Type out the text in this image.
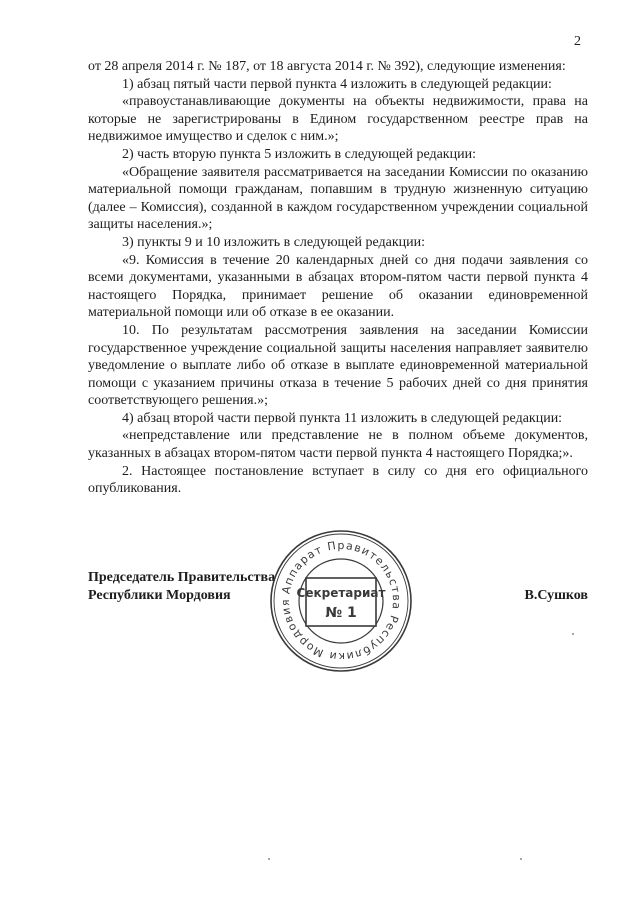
2

от 28 апреля 2014 г. № 187, от 18 августа 2014 г. № 392), следующие изменения:

1) абзац пятый части первой пункта 4 изложить в следующей редакции:

«правоустанавливающие документы на объекты недвижимости, права на которые не зарегистрированы в Едином государственном реестре прав на недвижимое имущество и сделок с ним.»;

2) часть вторую пункта 5 изложить в следующей редакции:

«Обращение заявителя рассматривается на заседании Комиссии по оказанию материальной помощи гражданам, попавшим в трудную жизненную ситуацию (далее – Комиссия), созданной в каждом государственном учреждении социальной защиты населения.»;

3) пункты 9 и 10 изложить в следующей редакции:

«9. Комиссия в течение 20 календарных дней со дня подачи заявления со всеми документами, указанными в абзацах втором-пятом части первой пункта 4 настоящего Порядка, принимает решение об оказании единовременной материальной помощи или об отказе в ее оказании.

10. По результатам рассмотрения заявления на заседании Комиссии государственное учреждение социальной защиты населения направляет заявителю уведомление о выплате либо об отказе в выплате единовременной материальной помощи с указанием причины отказа в течение 5 рабочих дней со дня принятия соответствующего решения.»;

4) абзац второй части первой пункта 11 изложить в следующей редакции:

«непредставление или представление не в полном объеме документов, указанных в абзацах втором-пятом части первой пункта 4 настоящего Порядка;».

2. Настоящее постановление вступает в силу со дня его официального опубликования.

Председатель Правительства
Республики Мордовия	В.Сушков
Аппарат Правительства Республики Мордовия
Секретариат
№ 1
